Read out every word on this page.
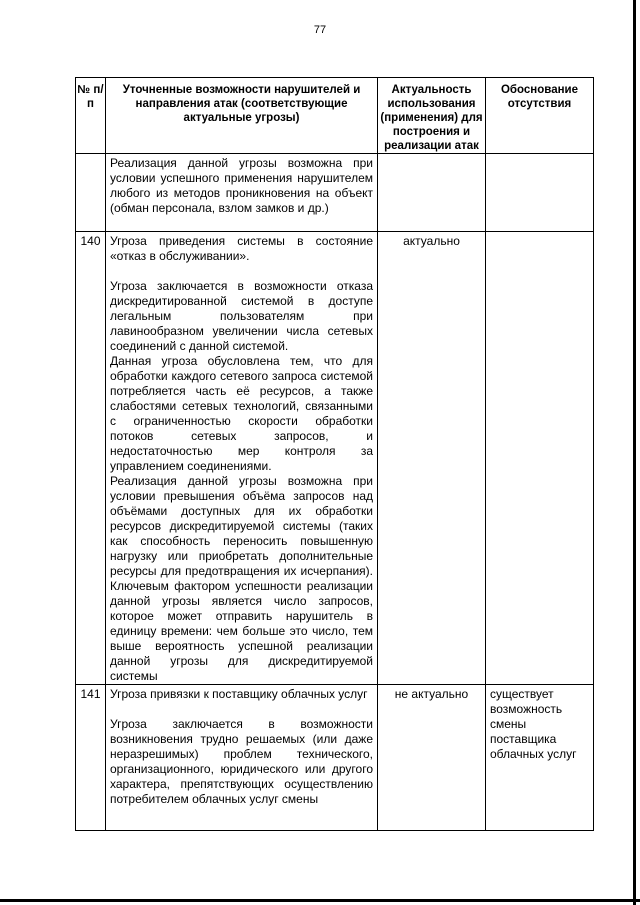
77
№ п/п	Уточненные возможности нарушителей и направления атак (соответствующие актуальные угрозы)	Актуальность использования (применения) для построения и реализации атак	Обоснование отсутствия

	Реализация данной угрозы возможна при условии успешного применения нарушителем любого из методов проникновения на объект (обман персонала, взлом замков и др.)		

140	Угроза приведения системы в состояние «отказ в обслуживании».

Угроза заключается в возможности отказа дискредитированной системой в доступе легальным пользователям при лавинообразном увеличении числа сетевых соединений с данной системой.

Данная угроза обусловлена тем, что для обработки каждого сетевого запроса системой потребляется часть её ресурсов, а также слабостями сетевых технологий, связанными с ограниченностью скорости обработки потоков сетевых запросов, и недостаточностью мер контроля за управлением соединениями.

Реализация данной угрозы возможна при условии превышения объёма запросов над объёмами доступных для их обработки ресурсов дискредитируемой системы (таких как способность переносить повышенную нагрузку или приобретать дополнительные ресурсы для предотвращения их исчерпания). Ключевым фактором успешности реализации данной угрозы является число запросов, которое может отправить нарушитель в единицу времени: чем больше это число, тем выше вероятность успешной реализации данной угрозы для дискредитируемой системы	актуально	
141	Угроза привязки к поставщику облачных услуг

Угроза заключается в возможности возникновения трудно решаемых (или даже неразрешимых) проблем технического, организационного, юридического или другого характера, препятствующих осуществлению потребителем облачных услуг смены	не актуально	существует возможность смены поставщика облачных услуг
